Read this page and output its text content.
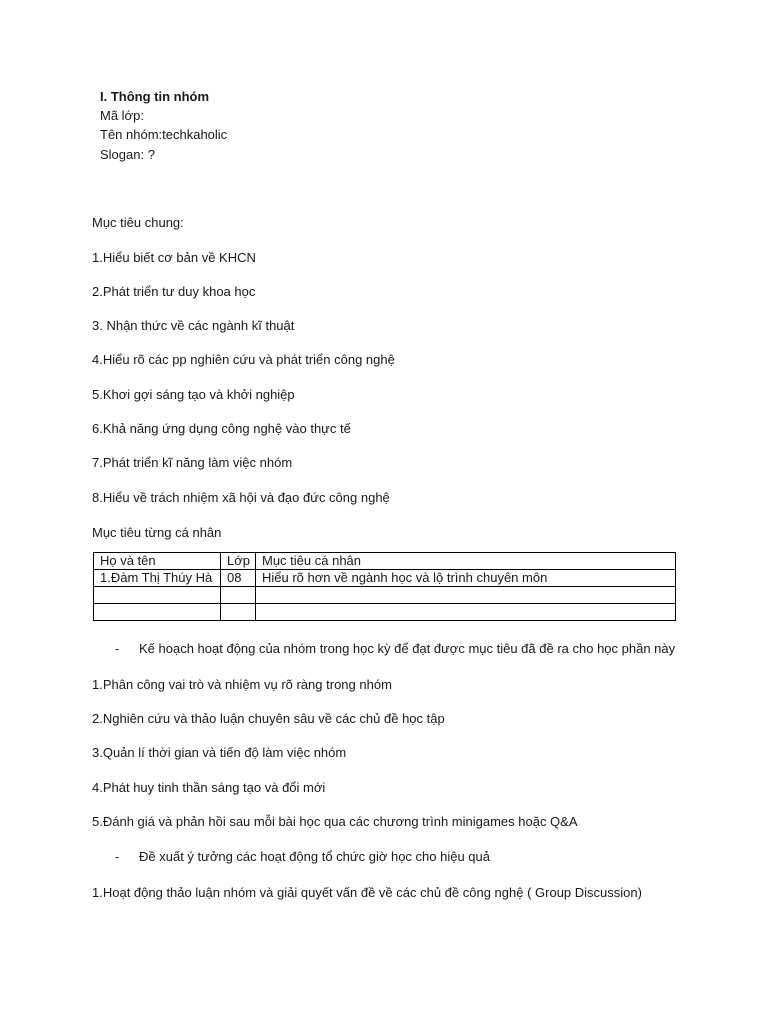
I. Thông tin nhóm
Mã lớp:
Tên nhóm:techkaholic
Slogan: ?
Mục tiêu chung:
1.Hiểu biết cơ bản về KHCN
2.Phát triển tư duy khoa học
3. Nhận thức về các ngành kĩ thuật
4.Hiểu rõ các pp nghiên cứu và phát triển công nghệ
5.Khơi gợi sáng tạo và khởi nghiệp
6.Khả năng ứng dụng công nghệ vào thực tế
7.Phát triển kĩ năng làm việc nhóm
8.Hiểu về trách nhiệm xã hội và đạo đức công nghệ
Mục tiêu từng cá nhân
Họ và tên	Lớp	Mục tiêu cá nhân
1.Đàm Thị Thúy Hà	08	Hiểu rõ hơn về ngành học và lộ trình chuyên môn

- Kế hoạch hoạt động của nhóm trong học kỳ để đạt được mục tiêu đã đề ra cho học phần này
1.Phân công vai trò và nhiệm vụ rõ ràng trong nhóm
2.Nghiên cứu và thảo luận chuyên sâu về các chủ đề học tập
3.Quản lí thời gian và tiến độ làm việc nhóm
4.Phát huy tinh thần sáng tạo và đổi mới
5.Đánh giá và phản hồi sau mỗi bài học qua các chương trình minigames hoặc Q&A
- Đề xuất ý tưởng các hoạt động tổ chức giờ học cho hiệu quả
1.Hoạt động thảo luận nhóm và giải quyết vấn đề về các chủ đề công nghệ ( Group Discussion)
